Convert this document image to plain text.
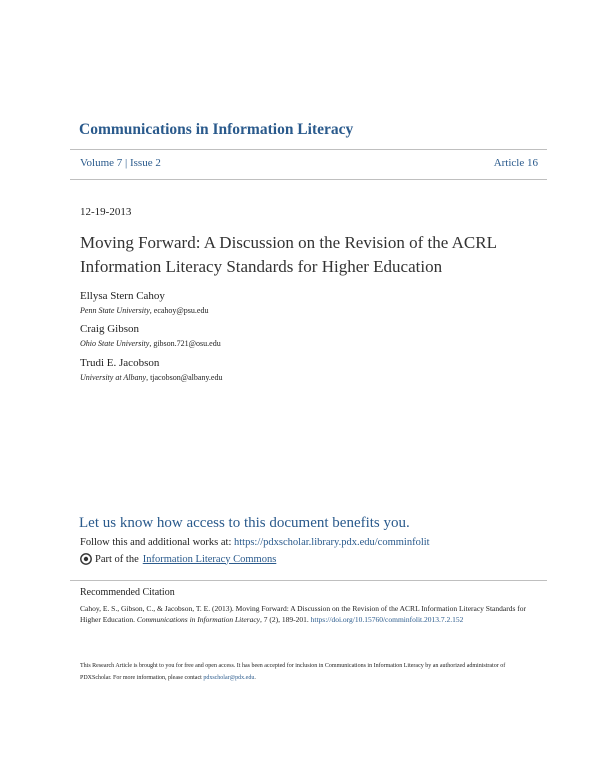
Communications in Information Literacy
Volume 7 | Issue 2	Article 16
12-19-2013
Moving Forward: A Discussion on the Revision of the ACRL Information Literacy Standards for Higher Education
Ellysa Stern Cahoy
Penn State University, ecahoy@psu.edu
Craig Gibson
Ohio State University, gibson.721@osu.edu
Trudi E. Jacobson
University at Albany, tjacobson@albany.edu
Let us know how access to this document benefits you.
Follow this and additional works at: https://pdxscholar.library.pdx.edu/comminfolit
Part of the Information Literacy Commons
Recommended Citation
Cahoy, E. S., Gibson, C., & Jacobson, T. E. (2013). Moving Forward: A Discussion on the Revision of the ACRL Information Literacy Standards for Higher Education. Communications in Information Literacy, 7 (2), 189-201. https://doi.org/10.15760/comminfolit.2013.7.2.152
This Research Article is brought to you for free and open access. It has been accepted for inclusion in Communications in Information Literacy by an authorized administrator of PDXScholar. For more information, please contact pdxscholar@pdx.edu.
